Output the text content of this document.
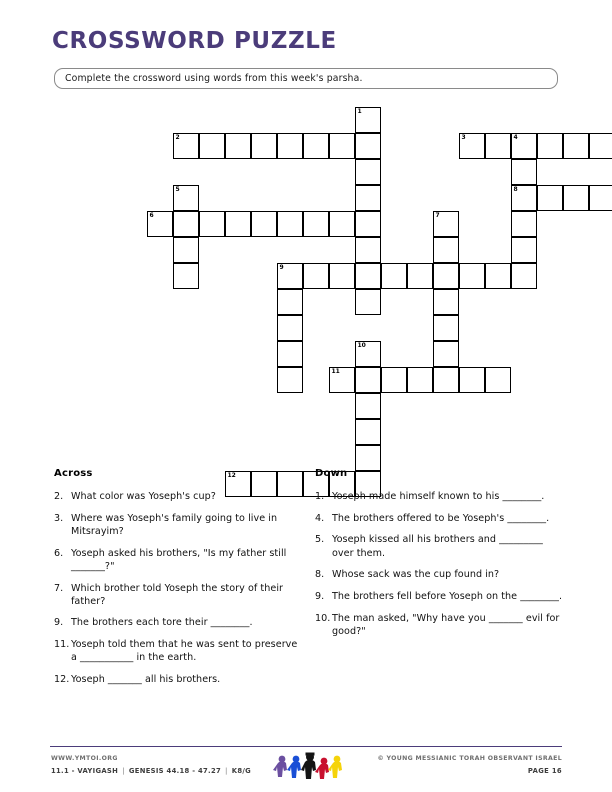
CROSSWORD PUZZLE
Complete the crossword using words from this week's parsha.
1
2	3	4
5	8
6	7
9
10
11
12
Across
2. What color was Yoseph's cup?
3. Where was Yoseph's family going to live in Mitsrayim?
6. Yoseph asked his brothers, "Is my father still _______?"
7. Which brother told Yoseph the story of their father?
9. The brothers each tore their ________.
11. Yoseph told them that he was sent to preserve a ___________ in the earth.
12. Yoseph _______ all his brothers.
Down
1. Yoseph made himself known to his ________.
4. The brothers offered to be Yoseph's ________.
5. Yoseph kissed all his brothers and _________ over them.
8. Whose sack was the cup found in?
9. The brothers fell before Yoseph on the ________.
10. The man asked, "Why have you _______ evil for good?"
WWW.YMTOI.ORG
11.1 - VAYIGASH | GENESIS 44.18 - 47.27 | K8/G
© YOUNG MESSIANIC TORAH OBSERVANT ISRAEL
PAGE 16
